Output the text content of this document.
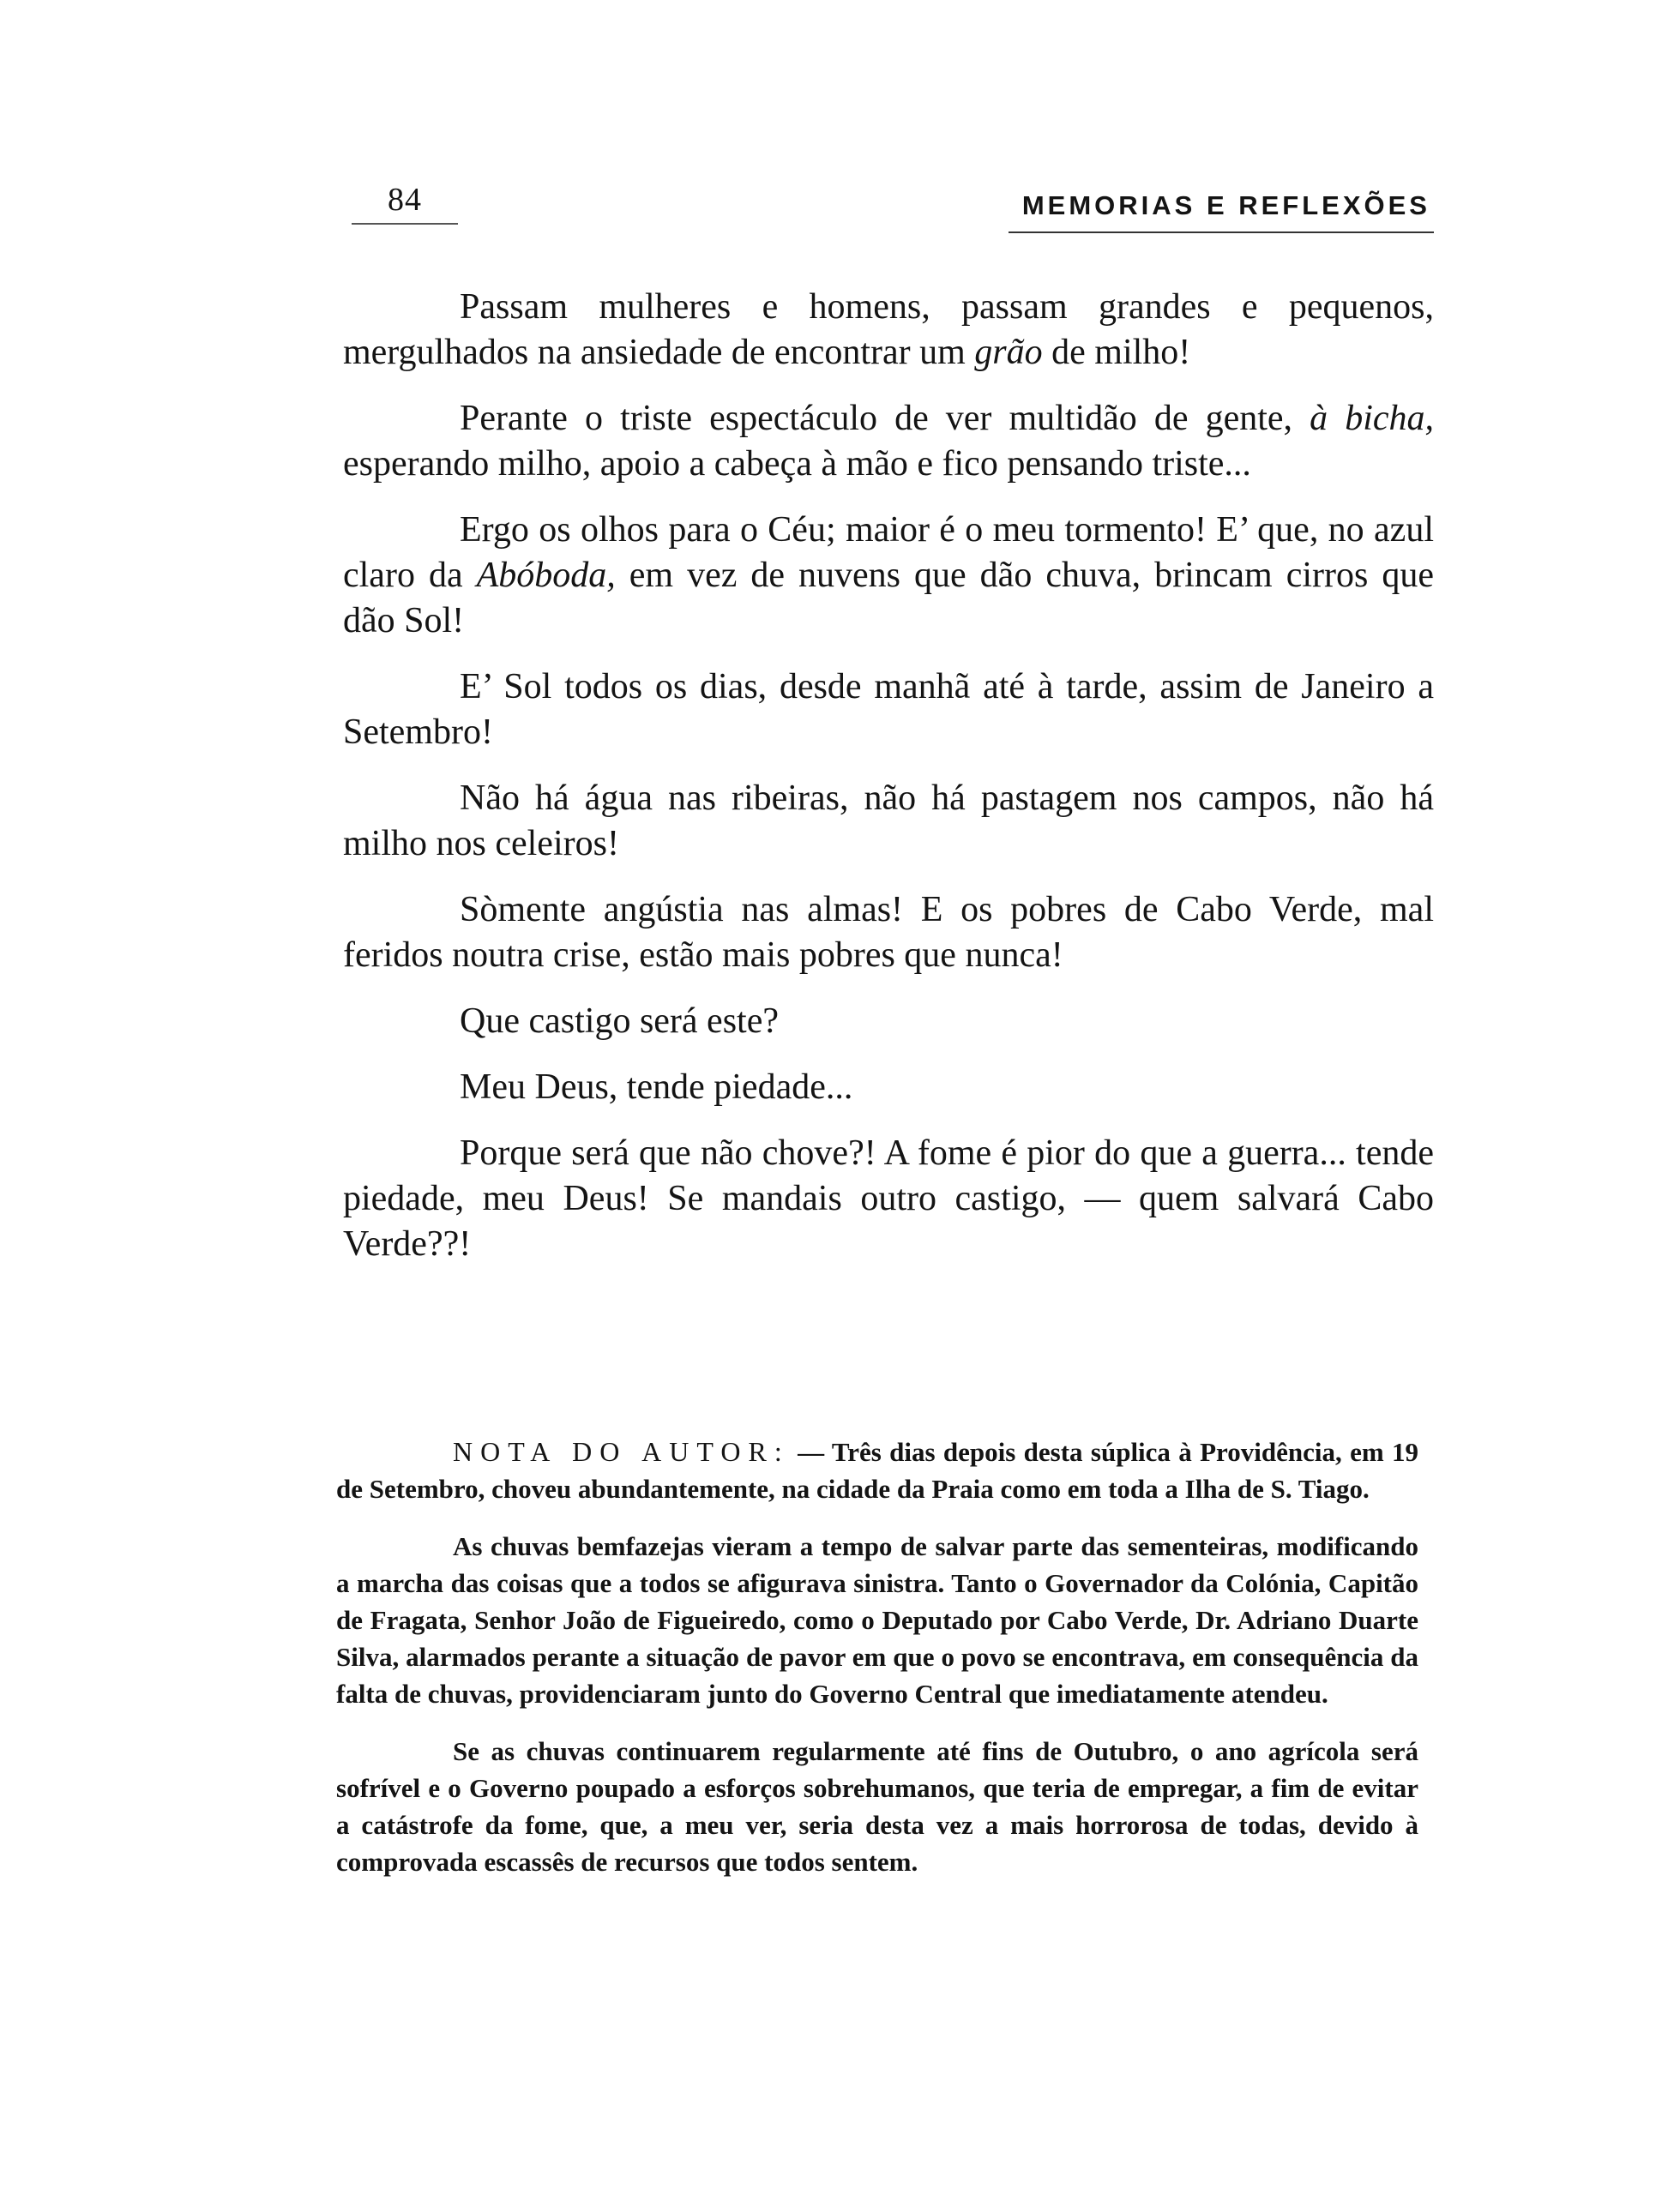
84	MEMORIAS E REFLEXÕES

Passam mulheres e homens, passam grandes e pequenos, mergulhados na ansiedade de encontrar um grão de milho!

Perante o triste espectáculo de ver multidão de gente, à bicha, esperando milho, apoio a cabeça à mão e fico pensando triste...

Ergo os olhos para o Céu; maior é o meu tormento! E’ que, no azul claro da Abóboda, em vez de nuvens que dão chuva, brincam cirros que dão Sol!

E’ Sol todos os dias, desde manhã até à tarde, assim de Janeiro a Setembro!

Não há água nas ribeiras, não há pastagem nos campos, não há milho nos celeiros!

Sòmente angústia nas almas! E os pobres de Cabo Verde, mal feridos noutra crise, estão mais pobres que nunca!

Que castigo será este?

Meu Deus, tende piedade...

Porque será que não chove?! A fome é pior do que a guerra... tende piedade, meu Deus! Se mandais outro castigo, — quem salvará Cabo Verde??!

NOTA DO AUTOR: — Três dias depois desta súplica à Providência, em 19 de Setembro, choveu abundantemente, na cidade da Praia como em toda a Ilha de S. Tiago.

As chuvas bemfazejas vieram a tempo de salvar parte das sementeiras, modificando a marcha das coisas que a todos se afigurava sinistra. Tanto o Governador da Colónia, Capitão de Fragata, Senhor João de Figueiredo, como o Deputado por Cabo Verde, Dr. Adriano Duarte Silva, alarmados perante a situação de pavor em que o povo se encontrava, em consequência da falta de chuvas, providenciaram junto do Governo Central que imediatamente atendeu.

Se as chuvas continuarem regularmente até fins de Outubro, o ano agrícola será sofrível e o Governo poupado a esforços sobrehumanos, que teria de empregar, a fim de evitar a catástrofe da fome, que, a meu ver, seria desta vez a mais horrorosa de todas, devido à comprovada escassês de recursos que todos sentem.
